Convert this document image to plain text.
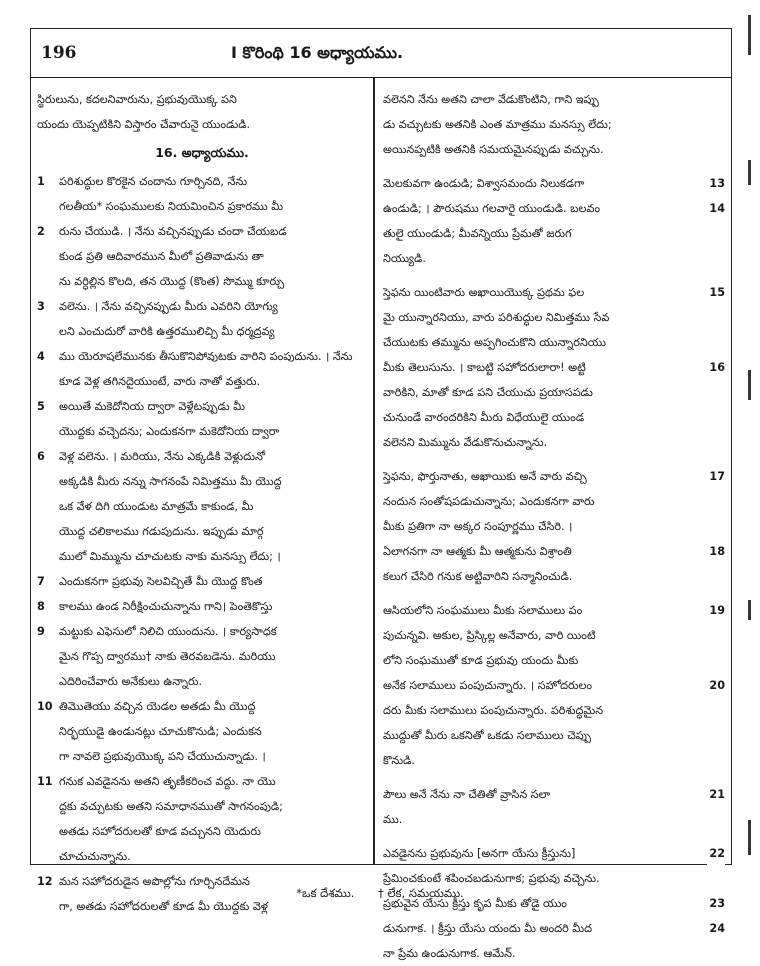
196	I కొరింథి 16 అధ్యాయము.
స్థిరులును, కదలనివారును, ప్రభువుయొక్క పని
యందు యెప్పటికిని విస్తారం చేవారునై యుండుడి.
16. అధ్యాయము.
1 పరిశుద్ధుల కొరకైన చందాను గూర్చినది, నేను
గలతీయ* సంఘములకు నియమించిన ప్రకారము మీ
2 రును చేయుడి. । నేను వచ్చినప్పుడు చందా చేయబడ
కుండ ప్రతి ఆదివారమున మీలో ప్రతివాడును తా
ను వర్ధిల్లిన కొలది, తన యొద్ద (కొంత) సొమ్ము కూర్చు
3 వలెను. । నేను వచ్చినప్పుడు మీరు ఎవరిని యోగ్యు
లని ఎంచుదురో వారికి ఉత్తరములిచ్చి మీ ధర్మద్రవ్య
4 ము యెరూషలేమునకు తీసుకొనిపోవుటకు వారిని పంపుదును. । నేను
కూడ వెళ్ల తగినదైయుంటే, వారు నాతో వత్తురు.
5 అయితే మకెదోనియ ద్వారా వెళ్లేటప్పుడు మీ
యొద్దకు వచ్చెదను; ఎందుకనగా మకెదోనియ ద్వారా
6 వెళ్ల వలెను. । మరియు, నేను ఎక్కడికి వెళ్లుదునో
అక్కడికి మీరు నన్ను సాగనంపే నిమిత్తము మీ యొద్ద
ఒక వేళ దిగి యుండుట మాత్రమే కాకుండ, మీ
యొద్ద చలికాలము గడుపుదును. ఇప్పుడు మార్గ
ములో మిమ్మును చూచుటకు నాకు మనస్సు లేదు; ।
7 ఎందుకనగా ప్రభువు సెలవిచ్చితే మీ యొద్ద కొంత
8 కాలము ఉండ నిరీక్షించుచున్నాను గాని। పెంతెకొస్తు
9 మట్టుకు ఎఫెసులో నిలిచి యుందును. । కార్యసాధక
మైన గొప్ప ద్వారము† నాకు తెరవబడెను. మరియు
ఎదిరించేవారు అనేకులు ఉన్నారు.
10 తిమొతెయు వచ్చిన యెడల అతడు మీ యొద్ద
నిర్భయుడై ఉండునట్లు చూచుకొనుడి; ఎందుకన
గా నావలె ప్రభువుయొక్క పని చేయుచున్నాడు. ।
11 గనుక ఎవడైనను అతని తృణీకరించ వద్దు. నా యొ
ద్దకు వచ్చుటకు అతని సమాధానముతో సాగనంపుడి;
అతడు సహోదరులతో కూడ వచ్చునని యెదురు
చూచుచున్నాను.
12 మన సహోదరుడైన అపొల్లోను గూర్చినదేమన
గా, అతడు సహోదరులతో కూడ మీ యొద్దకు వెళ్ల
వలెనని నేను అతని చాలా వేడుకొంటిని, గాని ఇప్పు
డు వచ్చుటకు అతనికి ఎంత మాత్రము మనస్సు లేదు;
అయినప్పటికి అతనికి సమయమైనప్పుడు వచ్చును.
మెలకువగా ఉండుడి; విశ్వాసమందు నిలుకడగా	13
ఉండుడి; । పౌరుషము గలవారై యుండుడి. బలవం	14
తులై యుండుడి; మీవన్నియు ప్రేమతో జరుగ
నియ్యుడి.
స్తెఫను యింటివారు అఖాయియొక్క ప్రథమ ఫల	15
మై యున్నారనియు, వారు పరిశుద్ధుల నిమిత్తము సేవ
చేయుటకు తమ్మును అప్పగించుకొని యున్నారనియు
మీకు తెలుసును. । కాబట్టి సహోదరులారా! అట్టి	16
వారికిని, మాతో కూడ పని చేయుచు ప్రయాసపడు
చునుండే వారందరికిని మీరు విధేయులై యుండ
వలెనని మిమ్మును వేడుకొనుచున్నాను.
స్తెఫను, ఫొర్తునాతు, అఖాయికు అనే వారు వచ్చి	17
నందున సంతోషపడుచున్నాను; ఎందుకనగా వారు
మీకు ప్రతిగా నా అక్కర సంపూర్ణము చేసిరి. ।
ఏలాగనగా నా ఆత్మకు మీ ఆత్మకును విశ్రాంతి	18
కలుగ చేసిరి గనుక అట్టివారిని సన్మానించుడి.
ఆసియలోని సంఘములు మీకు సలాములు పం	19
పుచున్నవి. అకుల, ప్రిస్కిల్ల అనేవారు, వారి యింటి
లోని సంఘముతో కూడ ప్రభువు యందు మీకు
అనేక సలాములు పంపుచున్నారు. । సహోదరులం	20
దరు మీకు సలాములు పంపుచున్నారు. పరిశుద్ధమైన
ముద్దుతో మీరు ఒకనితో ఒకడు సలాములు చెప్పు
కొనుడి.
పౌలు అనే నేను నా చేతితో వ్రాసిన సలా	21
ము.
ఎవడైనను ప్రభువును [అనగా యేసు క్రీస్తును]	22
ప్రేమించకుంటే శపించబడునుగాక; ప్రభువు వచ్చెను.
ప్రభువైన యేసు క్రీస్తు కృప మీకు తోడై యుం	23
డునుగాక. । క్రీస్తు యేసు యందు మీ అందరి మీద	24
నా ప్రేమ ఉండునుగాక. ఆమేన్.
*ఒక దేశము. † లేక, సమయము.
